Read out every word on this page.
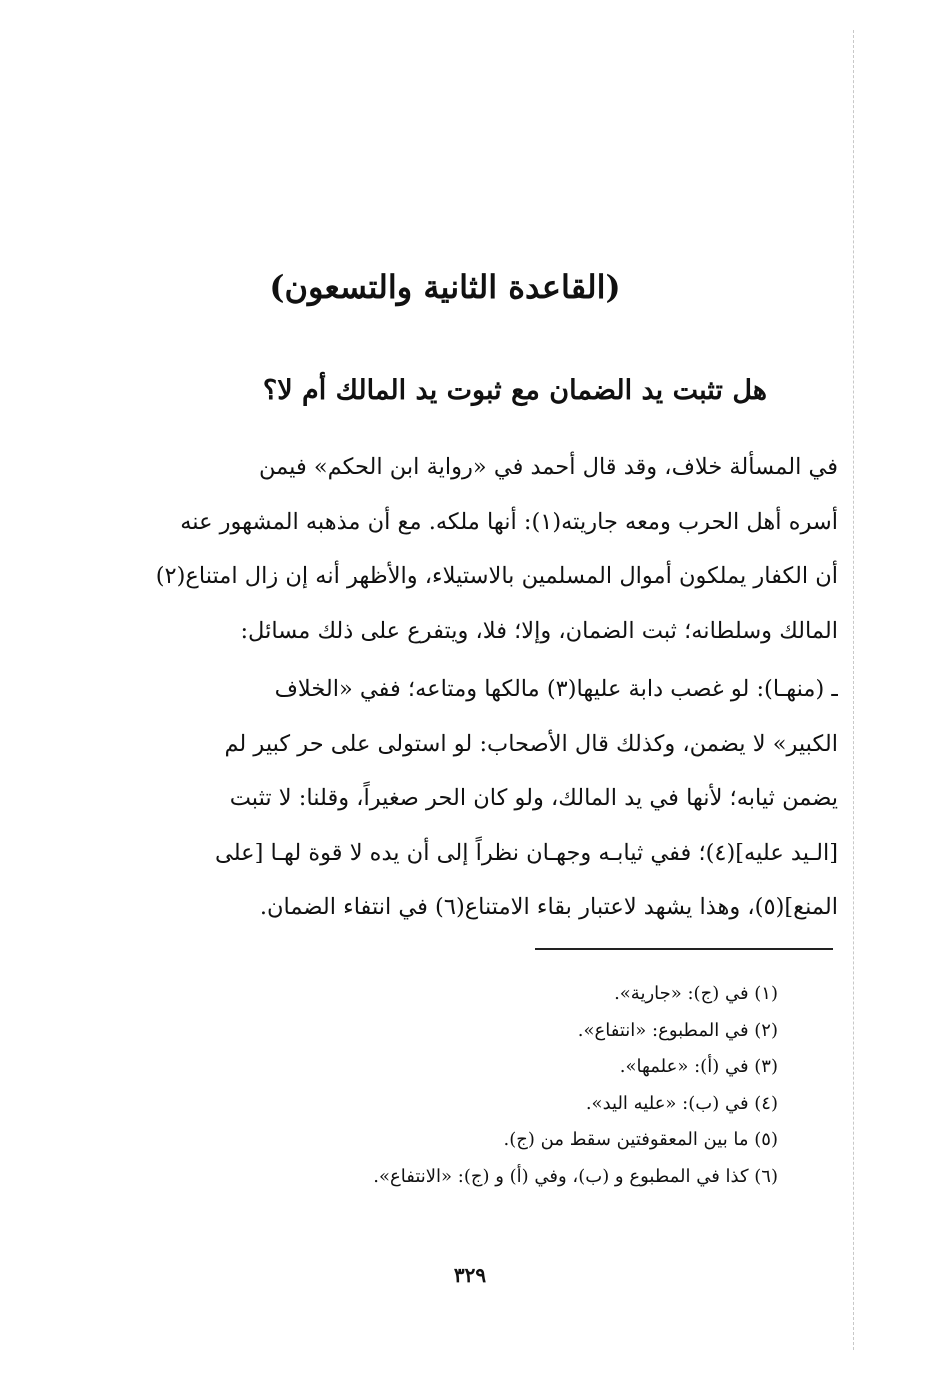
(القاعدة الثانية والتسعون)
هل تثبت يد الضمان مع ثبوت يد المالك أم لا؟
في المسألة خلاف، وقد قال أحمد في «رواية ابن الحكم» فيمن
أسره أهل الحرب ومعه جاريته(١): أنها ملكه. مع أن مذهبه المشهور عنه
أن الكفار يملكون أموال المسلمين بالاستيلاء، والأظهر أنه إن زال امتناع(٢)
المالك وسلطانه؛ ثبت الضمان، وإلا؛ فلا، ويتفرع على ذلك مسائل:
ـ (منهـا): لو غصب دابة عليها(٣) مالكها ومتاعه؛ ففي «الخلاف
الكبير» لا يضمن، وكذلك قال الأصحاب: لو استولى على حر كبير لم
يضمن ثيابه؛ لأنها في يد المالك، ولو كان الحر صغيراً، وقلنا: لا تثبت
[الـيد عليه](٤)؛ ففي ثيابـه وجهـان نظراً إلى أن يده لا قوة لهـا [على
المنع](٥)، وهذا يشهد لاعتبار بقاء الامتناع(٦) في انتفاء الضمان.
(١) في (ج): «جارية».
(٢) في المطبوع: «انتفاع».
(٣) في (أ): «علمها».
(٤) في (ب): «عليه اليد».
(٥) ما بين المعقوفتين سقط من (ج).
(٦) كذا في المطبوع و (ب)، وفي (أ) و (ج): «الانتفاع».
٣٢٩
